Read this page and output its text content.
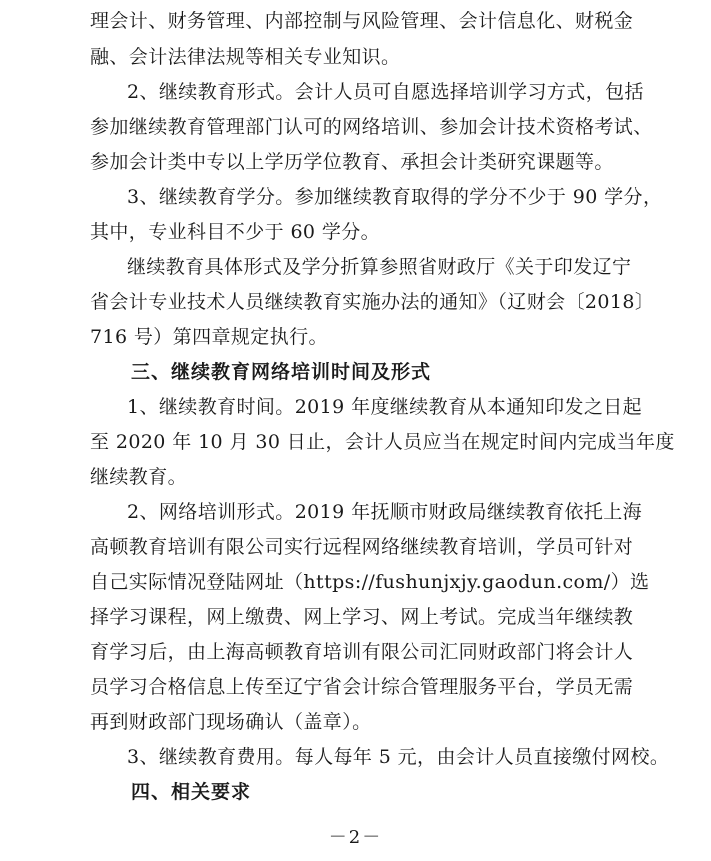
理会计、财务管理、内部控制与风险管理、会计信息化、财税金
融、会计法律法规等相关专业知识。
2、继续教育形式。会计人员可自愿选择培训学习方式，包括
参加继续教育管理部门认可的网络培训、参加会计技术资格考试、
参加会计类中专以上学历学位教育、承担会计类研究课题等。
3、继续教育学分。参加继续教育取得的学分不少于 90 学分，
其中，专业科目不少于 60 学分。
继续教育具体形式及学分折算参照省财政厅《关于印发辽宁
省会计专业技术人员继续教育实施办法的通知》（辽财会〔2018〕
716 号）第四章规定执行。
三、继续教育网络培训时间及形式
1、继续教育时间。2019 年度继续教育从本通知印发之日起
至 2020 年 10 月 30 日止，会计人员应当在规定时间内完成当年度
继续教育。
2、网络培训形式。2019 年抚顺市财政局继续教育依托上海
高顿教育培训有限公司实行远程网络继续教育培训，学员可针对
自己实际情况登陆网址（https://fushunjxjy.gaodun.com/）选
择学习课程，网上缴费、网上学习、网上考试。完成当年继续教
育学习后，由上海高顿教育培训有限公司汇同财政部门将会计人
员学习合格信息上传至辽宁省会计综合管理服务平台，学员无需
再到财政部门现场确认（盖章）。
3、继续教育费用。每人每年 5 元，由会计人员直接缴付网校。
四、相关要求
－2－
